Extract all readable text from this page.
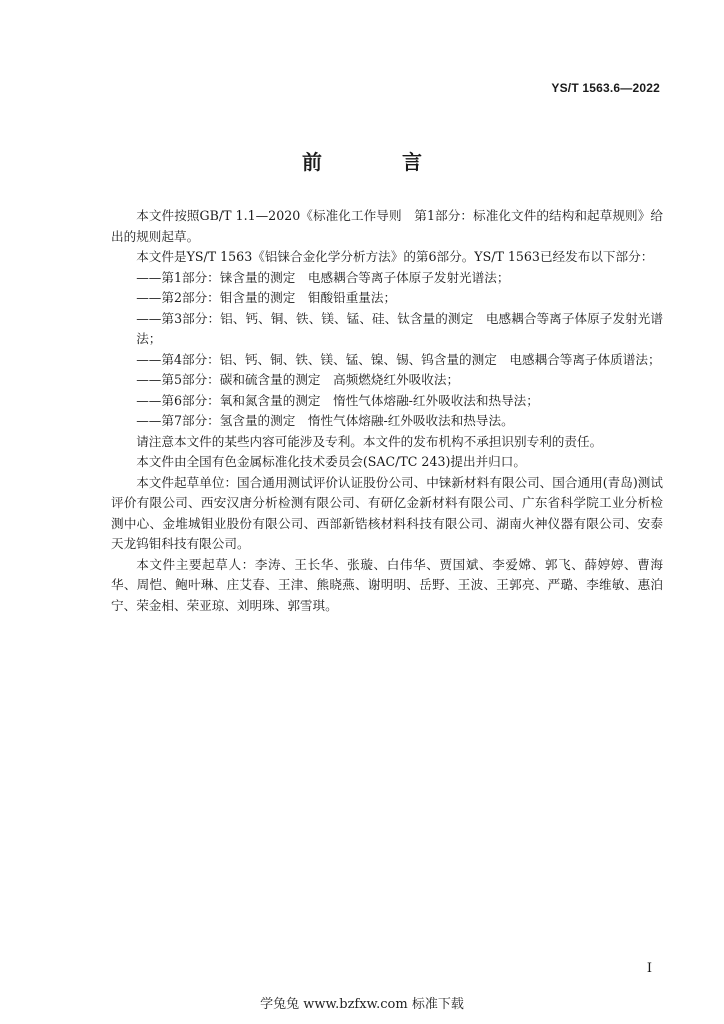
YS/T 1563.6—2022
前　言

本文件按照GB/T 1.1—2020《标准化工作导则　第1部分：标准化文件的结构和起草规则》给出的规则起草。

本文件是YS/T 1563《铝铼合金化学分析方法》的第6部分。YS/T 1563已经发布以下部分：

——第1部分：铼含量的测定　电感耦合等离子体原子发射光谱法；

——第2部分：钼含量的测定　钼酸铅重量法；

——第3部分：铝、钙、铜、铁、镁、锰、硅、钛含量的测定　电感耦合等离子体原子发射光谱法；

——第4部分：铝、钙、铜、铁、镁、锰、镍、锡、钨含量的测定　电感耦合等离子体质谱法；

——第5部分：碳和硫含量的测定　高频燃烧红外吸收法；

——第6部分：氧和氮含量的测定　惰性气体熔融-红外吸收法和热导法；

——第7部分：氢含量的测定　惰性气体熔融-红外吸收法和热导法。

请注意本文件的某些内容可能涉及专利。本文件的发布机构不承担识别专利的责任。

本文件由全国有色金属标准化技术委员会(SAC/TC 243)提出并归口。

本文件起草单位：国合通用测试评价认证股份公司、中铼新材料有限公司、国合通用(青岛)测试评价有限公司、西安汉唐分析检测有限公司、有研亿金新材料有限公司、广东省科学院工业分析检测中心、金堆城钼业股份有限公司、西部新锆核材料科技有限公司、湖南火神仪器有限公司、安泰天龙钨钼科技有限公司。

本文件主要起草人：李涛、王长华、张璇、白伟华、贾国斌、李爱嫦、郭飞、薛婷婷、曹海华、周恺、鲍叶琳、庄艾春、王津、熊晓燕、谢明明、岳野、王波、王郭亮、严璐、李维敏、惠泊宁、荣金相、荣亚琼、刘明珠、郭雪琪。

I
学兔兔 www.bzfxw.com 标准下载
